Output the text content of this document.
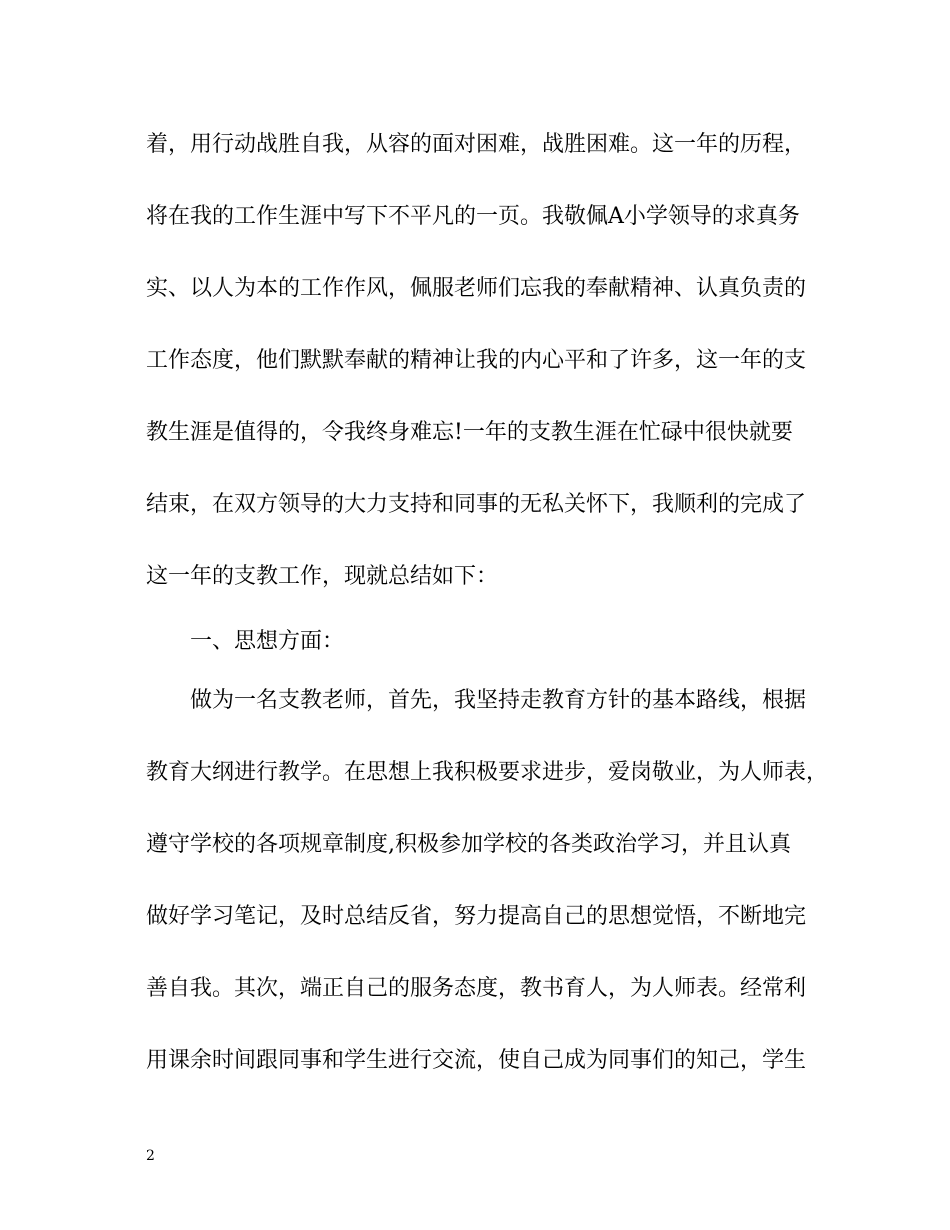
着，用行动战胜自我，从容的面对困难，战胜困难。这一年的历程，
将在我的工作生涯中写下不平凡的一页。我敬佩A小学领导的求真务
实、以人为本的工作作风，佩服老师们忘我的奉献精神、认真负责的
工作态度，他们默默奉献的精神让我的内心平和了许多，这一年的支
教生涯是值得的，令我终身难忘!一年的支教生涯在忙碌中很快就要
结束，在双方领导的大力支持和同事的无私关怀下，我顺利的完成了
这一年的支教工作，现就总结如下：
一、思想方面：
做为一名支教老师，首先，我坚持走教育方针的基本路线，根据
教育大纲进行教学。在思想上我积极要求进步，爱岗敬业，为人师表，
遵守学校的各项规章制度,积极参加学校的各类政治学习，并且认真
做好学习笔记，及时总结反省，努力提高自己的思想觉悟，不断地完
善自我。其次，端正自己的服务态度，教书育人，为人师表。经常利
用课余时间跟同事和学生进行交流，使自己成为同事们的知己，学生
2
